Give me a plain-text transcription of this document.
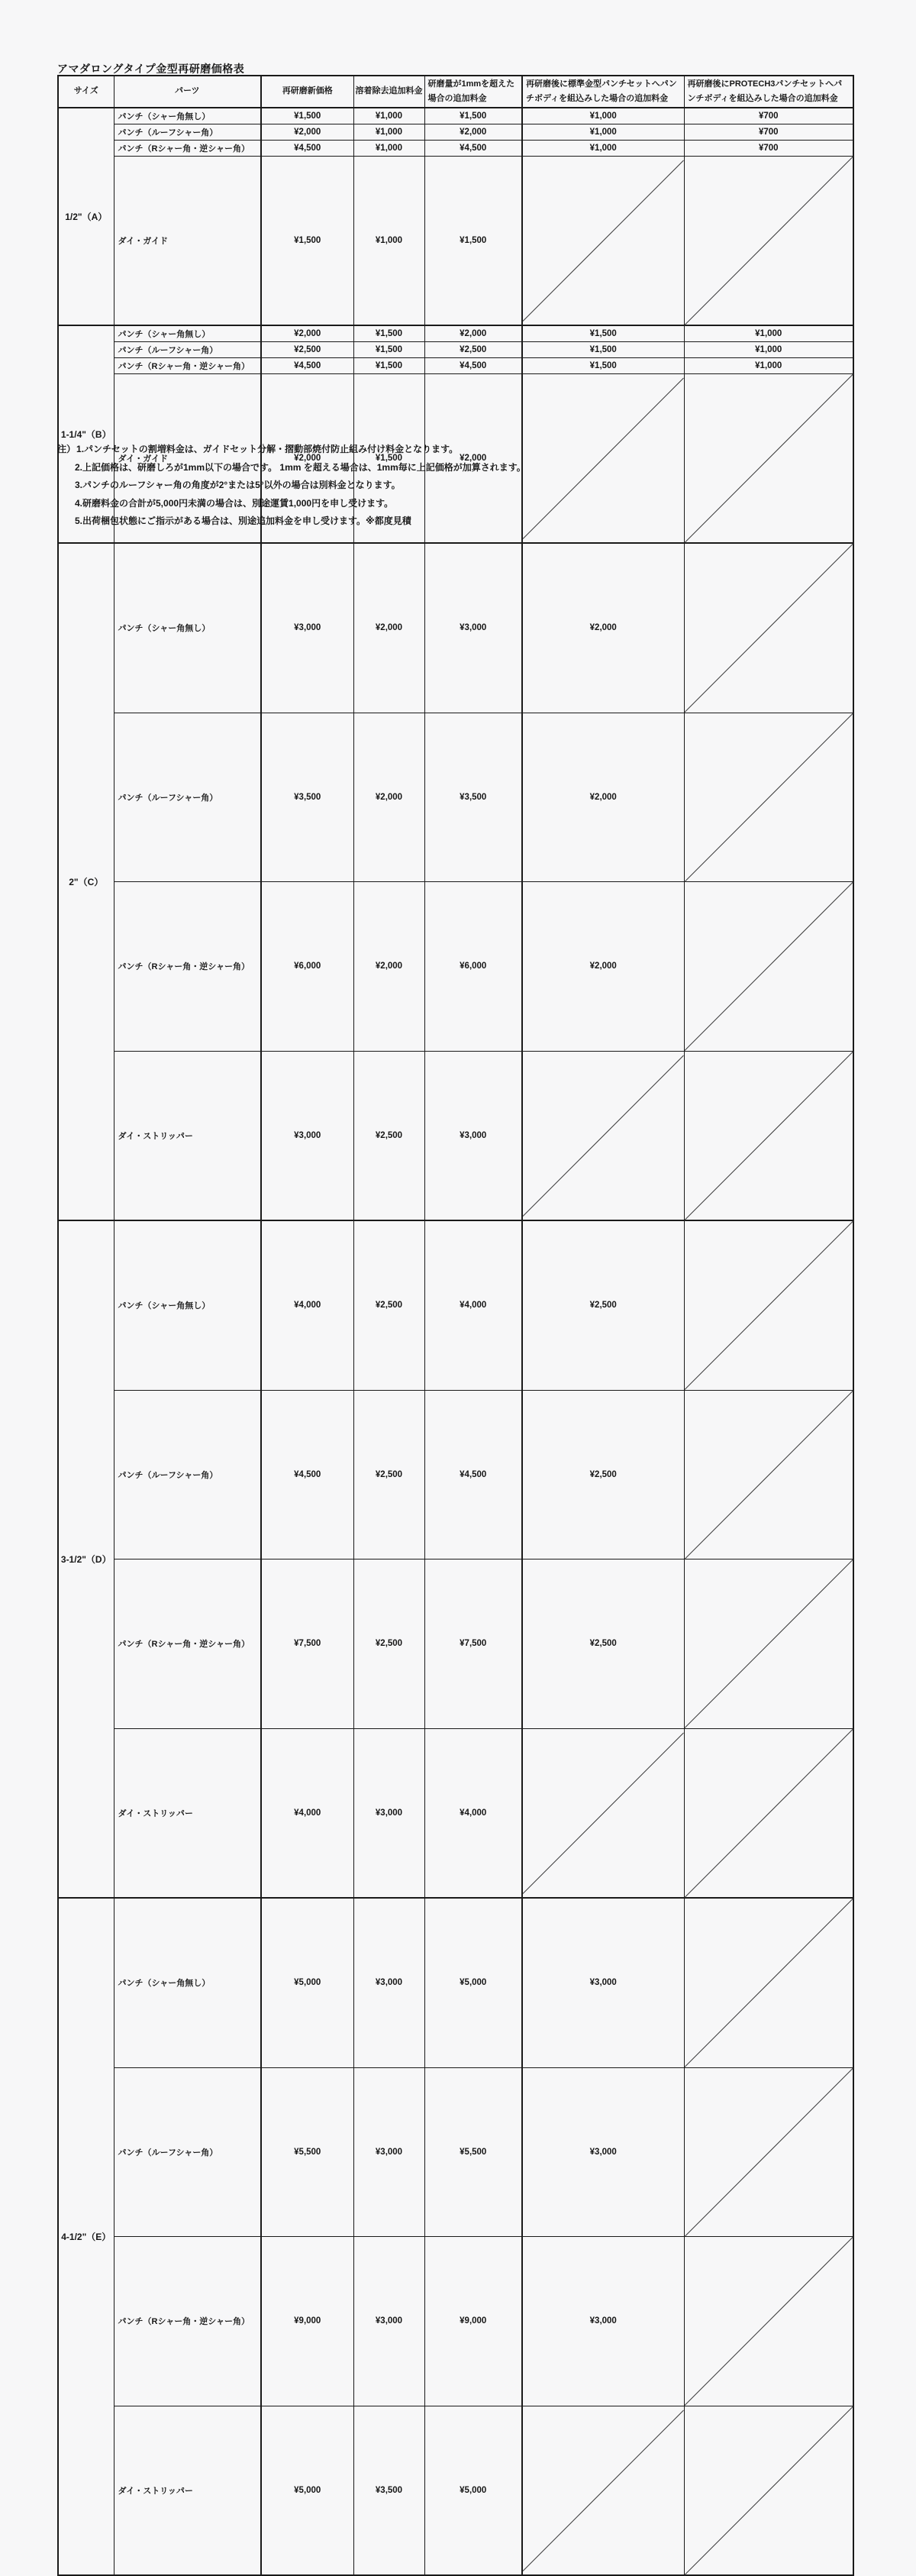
アマダロングタイプ金型再研磨価格表
サイズ	パーツ	再研磨新価格	溶着除去追加料金	研磨量が1mmを超えた場合の追加料金	再研磨後に標準金型パンチセットへパンチボディを組込みした場合の追加料金	再研磨後にPROTECH3パンチセットへパンチボディを組込みした場合の追加料金
1/2"（A）	パンチ（シャー角無し）	¥1,500	¥1,000	¥1,500	¥1,000	¥700
	パンチ（ルーフシャー角）	¥2,000	¥1,000	¥2,000	¥1,000	¥700
	パンチ（Rシャー角・逆シャー角）	¥4,500	¥1,000	¥4,500	¥1,000	¥700
	ダイ・ガイド	¥1,500	¥1,000	¥1,500	

1-1/4"（B）	パンチ（シャー角無し）	¥2,000	¥1,500	¥2,000	¥1,500	¥1,000
	パンチ（ルーフシャー角）	¥2,500	¥1,500	¥2,500	¥1,500	¥1,000
	パンチ（Rシャー角・逆シャー角）	¥4,500	¥1,500	¥4,500	¥1,500	¥1,000
	ダイ・ガイド	¥2,000	¥1,500	¥2,000	

2"（C）	パンチ（シャー角無し）	¥3,000	¥2,000	¥3,000	¥2,000	

	パンチ（ルーフシャー角）	¥3,500	¥2,000	¥3,500	¥2,000	

	パンチ（Rシャー角・逆シャー角）	¥6,000	¥2,000	¥6,000	¥2,000	

	ダイ・ストリッパー	¥3,000	¥2,500	¥3,000	

3-1/2"（D）	パンチ（シャー角無し）	¥4,000	¥2,500	¥4,000	¥2,500	

	パンチ（ルーフシャー角）	¥4,500	¥2,500	¥4,500	¥2,500	

	パンチ（Rシャー角・逆シャー角）	¥7,500	¥2,500	¥7,500	¥2,500	

	ダイ・ストリッパー	¥4,000	¥3,000	¥4,000	

4-1/2"（E）	パンチ（シャー角無し）	¥5,000	¥3,000	¥5,000	¥3,000	

	パンチ（ルーフシャー角）	¥5,500	¥3,000	¥5,500	¥3,000	

	パンチ（Rシャー角・逆シャー角）	¥9,000	¥3,000	¥9,000	¥3,000	

	ダイ・ストリッパー	¥5,000	¥3,500	¥5,000	

注）1.パンチセットの割増料金は、ガイドセット分解・摺動部焼付防止組み付け料金となります。
2.上記価格は、研磨しろが1mm以下の場合です。 1mm を超える場合は、1mm毎に上記価格が加算されます。
3.パンチのルーフシャー角の角度が2°または5°以外の場合は別料金となります。
4.研磨料金の合計が5,000円未満の場合は、別途運賃1,000円を申し受けます。
5.出荷梱包状態にご指示がある場合は、別途追加料金を申し受けます。※都度見積
